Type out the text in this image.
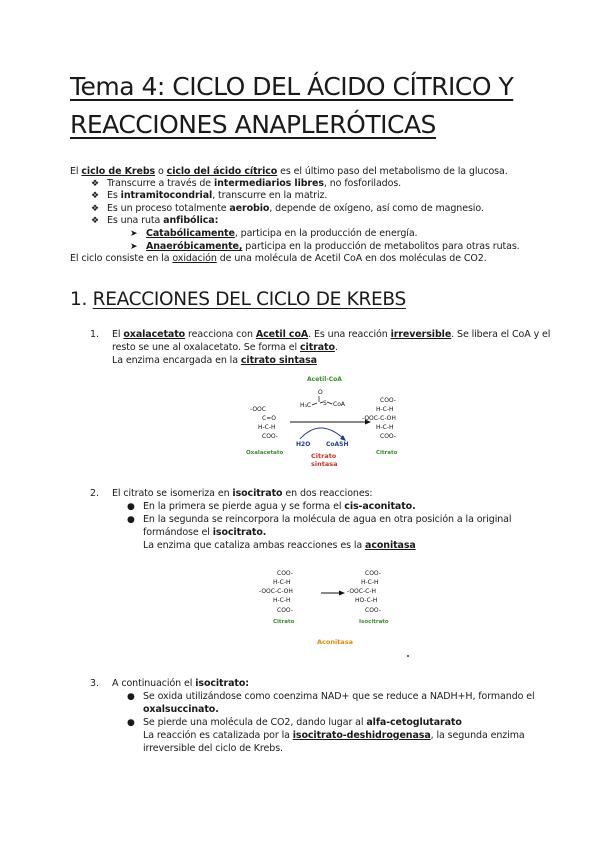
Tema 4: CICLO DEL ÁCIDO CÍTRICO Y
REACCIONES ANAPLERÓTICAS
El ciclo de Krebs o ciclo del ácido cítrico es el último paso del metabolismo de la glucosa.
❖ Transcurre a través de intermediarios libres, no fosforilados.
❖ Es intramitocondrial, transcurre en la matriz.
❖ Es un proceso totalmente aerobio, depende de oxígeno, así como de magnesio.
❖ Es una ruta anfibólica:
➤ Catabólicamente, participa en la producción de energía.
➤ Anaeróbicamente, participa en la producción de metabolitos para otras rutas.
El ciclo consiste en la oxidación de una molécula de Acetil CoA en dos moléculas de CO2.
1. REACCIONES DEL CICLO DE KREBS
1. El oxalacetato reacciona con Acetil coA. Es una reacción irreversible. Se libera el CoA y el
resto se une al oxalacetato. Se forma el citrato.
La enzima encargada en la citrato sintasa
Acetil-CoA
O
H₃C S CoA
-OOC
C=O
H-C-H
COO-
Oxalacetato
H2O	CoASH
Citrato
sintasa
COO-
H-C-H
-OOC-C-OH
H-C-H
COO-
Citrato
2. El citrato se isomeriza en isocitrato en dos reacciones:
● En la primera se pierde agua y se forma el cis-aconitato.
● En la segunda se reincorpora la molécula de agua en otra posición a la original
formándose el isocitrato.
La enzima que cataliza ambas reacciones es la aconitasa
COO-
H-C-H
-OOC-C-OH
H-C-H
COO-
Citrato
COO-
H-C-H
-OOC-C-H
HO-C-H
COO-
Isocitrato
Aconitasa
3. A continuación el isocitrato:
● Se oxida utilizándose como coenzima NAD+ que se reduce a NADH+H, formando el
oxalsuccinato.
● Se pierde una molécula de CO2, dando lugar al alfa-cetoglutarato
La reacción es catalizada por la isocitrato-deshidrogenasa, la segunda enzima
irreversible del ciclo de Krebs.
